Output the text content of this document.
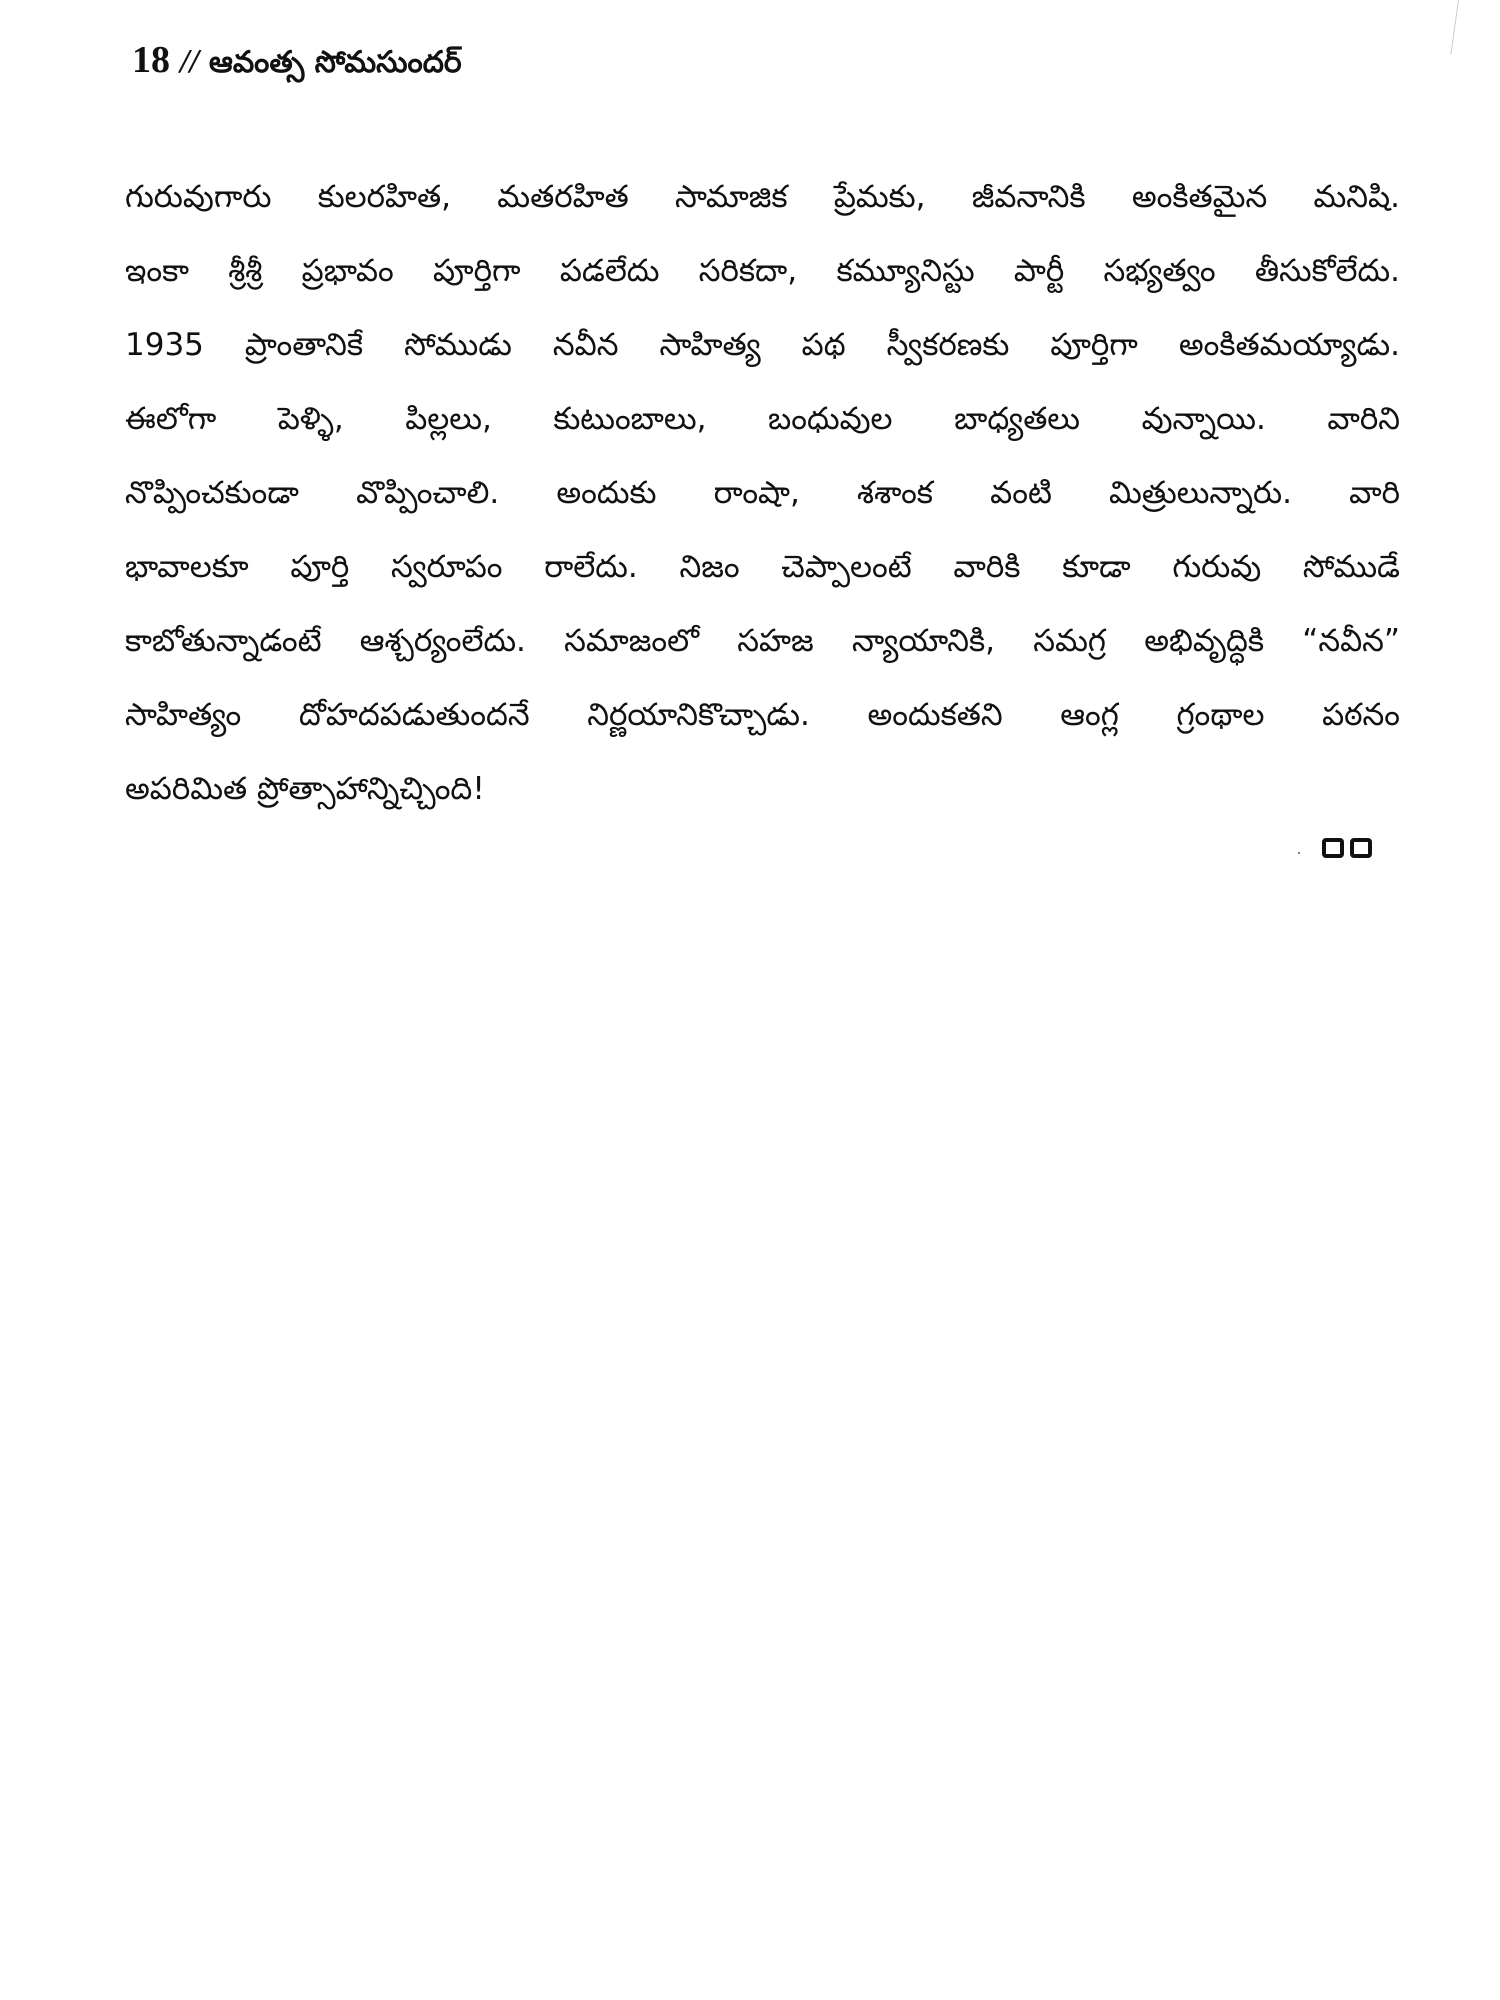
18 // ఆవంత్స సోమసుందర్
గురువుగారు కులరహిత, మతరహిత సామాజిక ప్రేమకు, జీవనానికి అంకితమైన మనిషి.
ఇంకా శ్రీశ్రీ ప్రభావం పూర్తిగా పడలేదు సరికదా, కమ్యూనిస్టు పార్టీ సభ్యత్వం తీసుకోలేదు.
1935 ప్రాంతానికే సోముడు నవీన సాహిత్య పథ స్వీకరణకు పూర్తిగా అంకితమయ్యాడు.
ఈలోగా పెళ్ళి, పిల్లలు, కుటుంబాలు, బంధువుల బాధ్యతలు వున్నాయి. వారిని
నొప్పించకుండా వొప్పించాలి. అందుకు రాంషా, శశాంక వంటి మిత్రులున్నారు. వారి
భావాలకూ పూర్తి స్వరూపం రాలేదు. నిజం చెప్పాలంటే వారికి కూడా గురువు సోముడే
కాబోతున్నాడంటే ఆశ్చర్యంలేదు. సమాజంలో సహజ న్యాయానికి, సమగ్ర అభివృద్ధికి “నవీన”
సాహిత్యం దోహదపడుతుందనే నిర్ణయానికొచ్చాడు. అందుకతని ఆంగ్ల గ్రంథాల పఠనం
అపరిమిత ప్రోత్సాహాన్నిచ్చింది!
